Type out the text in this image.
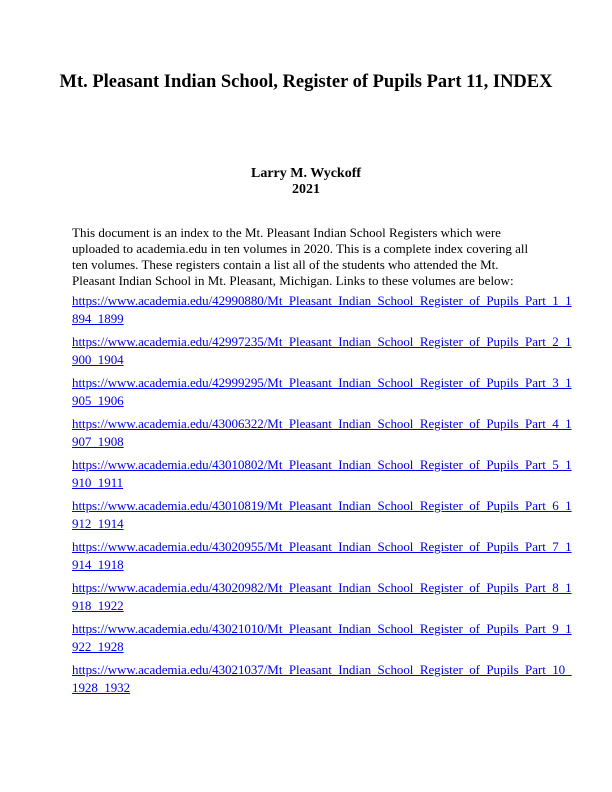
Mt. Pleasant Indian School, Register of Pupils Part 11, INDEX
Larry M. Wyckoff
2021
This document is an index to the Mt. Pleasant Indian School Registers which were uploaded to academia.edu in ten volumes in 2020. This is a complete index covering all ten volumes. These registers contain a list all of the students who attended the Mt. Pleasant Indian School in Mt. Pleasant, Michigan. Links to these volumes are below:
https://www.academia.edu/42990880/Mt_Pleasant_Indian_School_Register_of_Pupils_Part_1_1
894_1899
https://www.academia.edu/42997235/Mt_Pleasant_Indian_School_Register_of_Pupils_Part_2_1
900_1904
https://www.academia.edu/42999295/Mt_Pleasant_Indian_School_Register_of_Pupils_Part_3_1
905_1906
https://www.academia.edu/43006322/Mt_Pleasant_Indian_School_Register_of_Pupils_Part_4_1
907_1908
https://www.academia.edu/43010802/Mt_Pleasant_Indian_School_Register_of_Pupils_Part_5_1
910_1911
https://www.academia.edu/43010819/Mt_Pleasant_Indian_School_Register_of_Pupils_Part_6_1
912_1914
https://www.academia.edu/43020955/Mt_Pleasant_Indian_School_Register_of_Pupils_Part_7_1
914_1918
https://www.academia.edu/43020982/Mt_Pleasant_Indian_School_Register_of_Pupils_Part_8_1
918_1922
https://www.academia.edu/43021010/Mt_Pleasant_Indian_School_Register_of_Pupils_Part_9_1
922_1928
https://www.academia.edu/43021037/Mt_Pleasant_Indian_School_Register_of_Pupils_Part_10_
1928_1932
